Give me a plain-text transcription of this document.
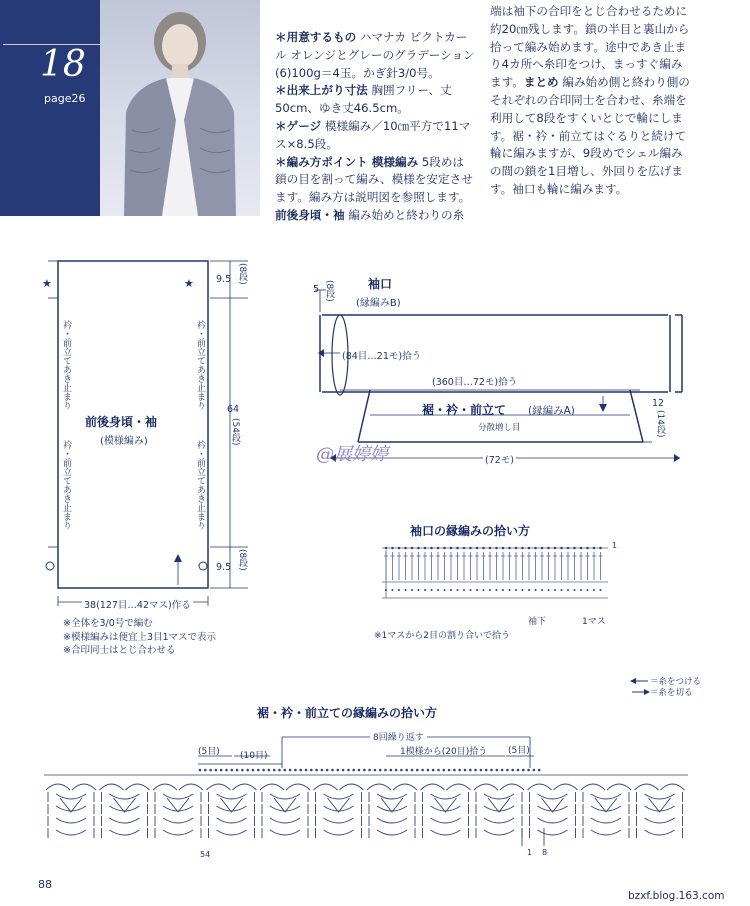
18
page26
＊用意するもの ハマナカ ピクトカール オレンジとグレーのグラデーション(6)100g＝4玉。かぎ針3/0号。
＊出来上がり寸法 胸囲フリー、丈50cm、ゆき丈46.5cm。
＊ゲージ 模様編み／10㎝平方で11マス×8.5段。
＊編み方ポイント 模様編み 5段めは鎖の目を割って編み、模様を安定させます。編み方は説明図を参照します。
前後身頃・袖 編み始めと終わりの糸
端は袖下の合印をとじ合わせるために約20㎝残します。鎖の半目と裏山から拾って編み始めます。途中であき止まり4カ所へ糸印をつけ、まっすぐ編みます。まとめ 編み始め側と終わり側のそれぞれの合印同士を合わせ、糸端を利用して8段をすくいとじで輪にします。裾・衿・前立てはぐるりと続けて輪に編みますが、9段めでシェル編みの間の鎖を1目増し、外回りを広げます。袖口も輪に編みます。
★	★
前後身頃・袖
(模様編み)
衿・前立てあき止まり
衿・前立てあき止まり
衿・前立てあき止まり
衿・前立てあき止まり
9.5 (8段)
64
(54段)
9.5 (8段)
38(127目…42マス)作る
※全体を3/0号で編む
※模様編みは便宜上3目1マスで表示
※合印同士はとじ合わせる
袖口
(縁編みB)
5 (8段)
(84目…21モ)拾う
(360目…72モ)拾う
裾・衿・前立て (縁編みA)
分散増し目
12
(14段)
(72モ)
@展婷婷
袖口の縁編みの拾い方
1
袖下	1マス
※1マスから2目の割り合いで拾う
＝糸をつける
＝糸を切る
裾・衿・前立ての縁編みの拾い方
8回繰り返す
(5目) (10目)	1模様から(20目)拾う (5目)
54	1 8
88
bzxf.blog.163.com
